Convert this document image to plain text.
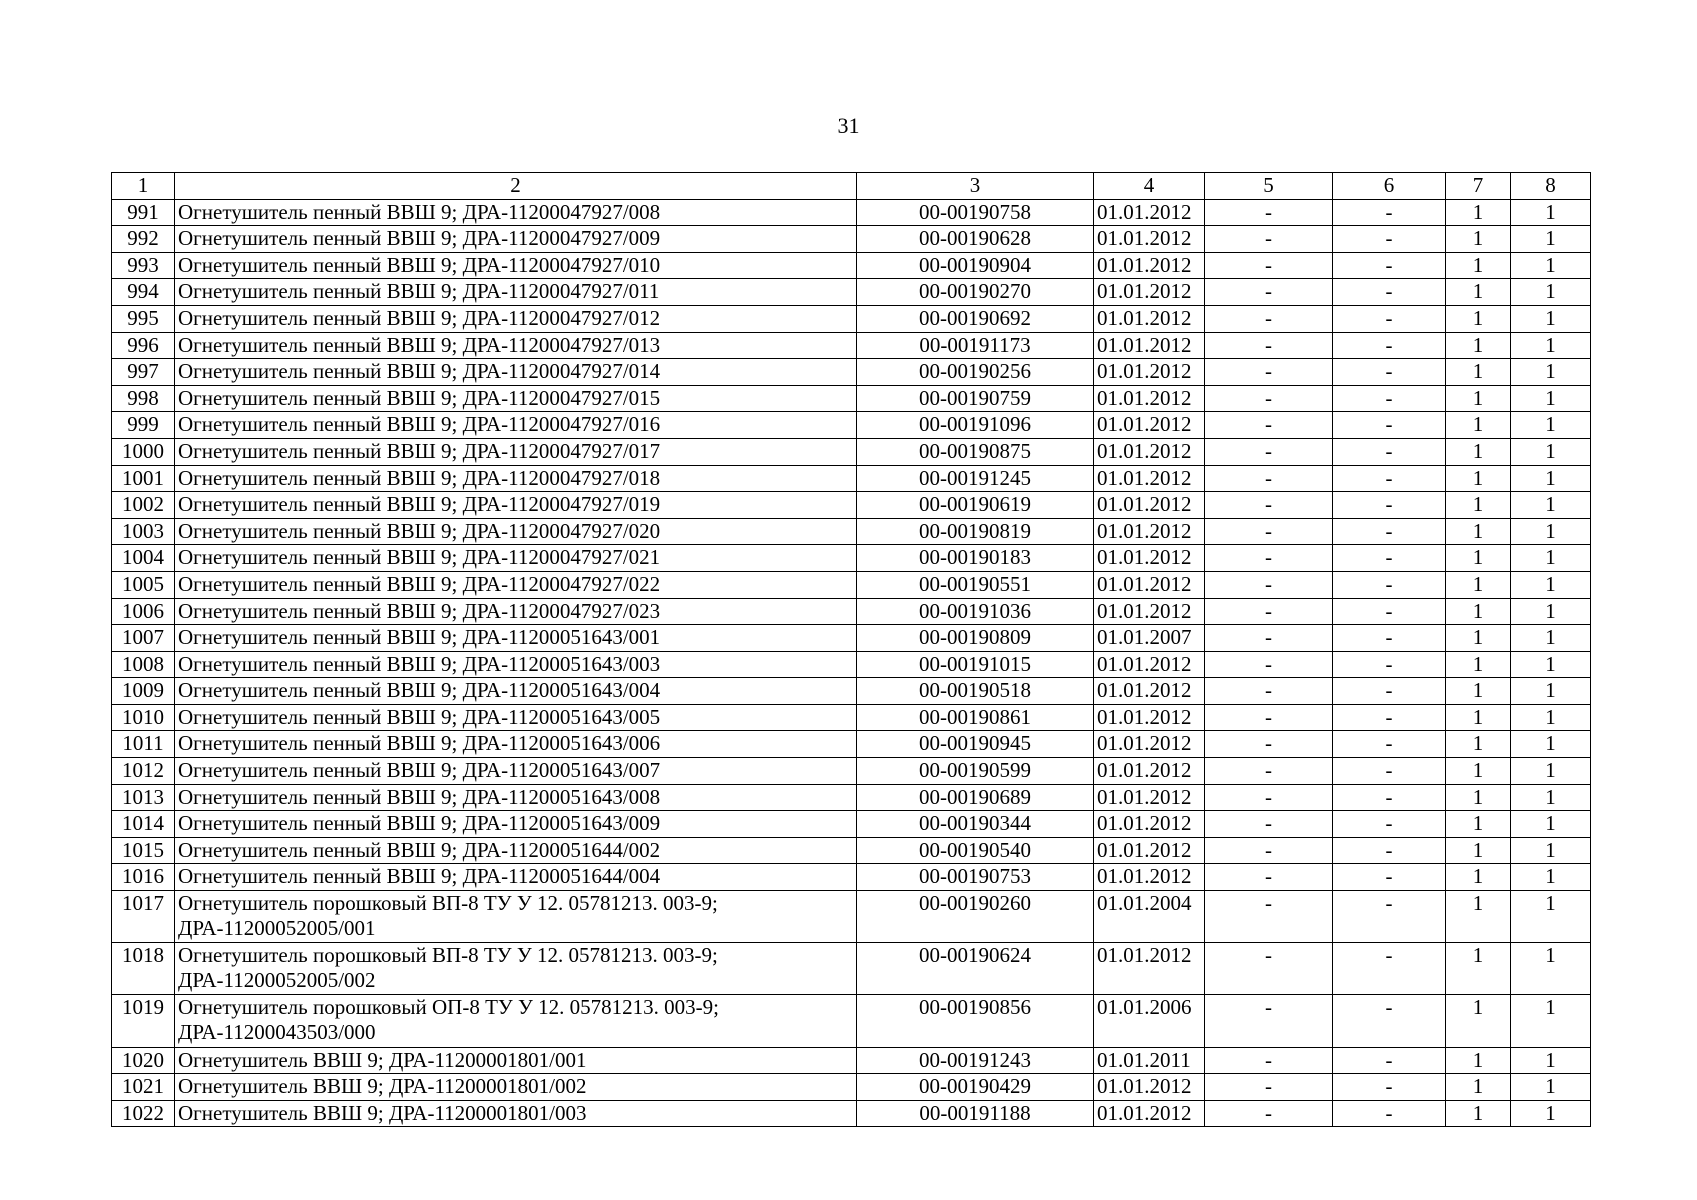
31
1	2	3	4	5	6	7	8
991	Огнетушитель пенный ВВШ 9; ДРА-11200047927/008	00-00190758	01.01.2012	-	-	1	1
992	Огнетушитель пенный ВВШ 9; ДРА-11200047927/009	00-00190628	01.01.2012	-	-	1	1
993	Огнетушитель пенный ВВШ 9; ДРА-11200047927/010	00-00190904	01.01.2012	-	-	1	1
994	Огнетушитель пенный ВВШ 9; ДРА-11200047927/011	00-00190270	01.01.2012	-	-	1	1
995	Огнетушитель пенный ВВШ 9; ДРА-11200047927/012	00-00190692	01.01.2012	-	-	1	1
996	Огнетушитель пенный ВВШ 9; ДРА-11200047927/013	00-00191173	01.01.2012	-	-	1	1
997	Огнетушитель пенный ВВШ 9; ДРА-11200047927/014	00-00190256	01.01.2012	-	-	1	1
998	Огнетушитель пенный ВВШ 9; ДРА-11200047927/015	00-00190759	01.01.2012	-	-	1	1
999	Огнетушитель пенный ВВШ 9; ДРА-11200047927/016	00-00191096	01.01.2012	-	-	1	1
1000	Огнетушитель пенный ВВШ 9; ДРА-11200047927/017	00-00190875	01.01.2012	-	-	1	1
1001	Огнетушитель пенный ВВШ 9; ДРА-11200047927/018	00-00191245	01.01.2012	-	-	1	1
1002	Огнетушитель пенный ВВШ 9; ДРА-11200047927/019	00-00190619	01.01.2012	-	-	1	1
1003	Огнетушитель пенный ВВШ 9; ДРА-11200047927/020	00-00190819	01.01.2012	-	-	1	1
1004	Огнетушитель пенный ВВШ 9; ДРА-11200047927/021	00-00190183	01.01.2012	-	-	1	1
1005	Огнетушитель пенный ВВШ 9; ДРА-11200047927/022	00-00190551	01.01.2012	-	-	1	1
1006	Огнетушитель пенный ВВШ 9; ДРА-11200047927/023	00-00191036	01.01.2012	-	-	1	1
1007	Огнетушитель пенный ВВШ 9; ДРА-11200051643/001	00-00190809	01.01.2007	-	-	1	1
1008	Огнетушитель пенный ВВШ 9; ДРА-11200051643/003	00-00191015	01.01.2012	-	-	1	1
1009	Огнетушитель пенный ВВШ 9; ДРА-11200051643/004	00-00190518	01.01.2012	-	-	1	1
1010	Огнетушитель пенный ВВШ 9; ДРА-11200051643/005	00-00190861	01.01.2012	-	-	1	1
1011	Огнетушитель пенный ВВШ 9; ДРА-11200051643/006	00-00190945	01.01.2012	-	-	1	1
1012	Огнетушитель пенный ВВШ 9; ДРА-11200051643/007	00-00190599	01.01.2012	-	-	1	1
1013	Огнетушитель пенный ВВШ 9; ДРА-11200051643/008	00-00190689	01.01.2012	-	-	1	1
1014	Огнетушитель пенный ВВШ 9; ДРА-11200051643/009	00-00190344	01.01.2012	-	-	1	1
1015	Огнетушитель пенный ВВШ 9; ДРА-11200051644/002	00-00190540	01.01.2012	-	-	1	1
1016	Огнетушитель пенный ВВШ 9; ДРА-11200051644/004	00-00190753	01.01.2012	-	-	1	1
1017	Огнетушитель порошковый ВП-8 ТУ У 12. 05781213. 003-9; ДРА-11200052005/001	00-00190260	01.01.2004	-	-	1	1
1018	Огнетушитель порошковый ВП-8 ТУ У 12. 05781213. 003-9; ДРА-11200052005/002	00-00190624	01.01.2012	-	-	1	1
1019	Огнетушитель порошковый ОП-8 ТУ У 12. 05781213. 003-9; ДРА-11200043503/000	00-00190856	01.01.2006	-	-	1	1
1020	Огнетушитель ВВШ 9; ДРА-11200001801/001	00-00191243	01.01.2011	-	-	1	1
1021	Огнетушитель ВВШ 9; ДРА-11200001801/002	00-00190429	01.01.2012	-	-	1	1
1022	Огнетушитель ВВШ 9; ДРА-11200001801/003	00-00191188	01.01.2012	-	-	1	1
